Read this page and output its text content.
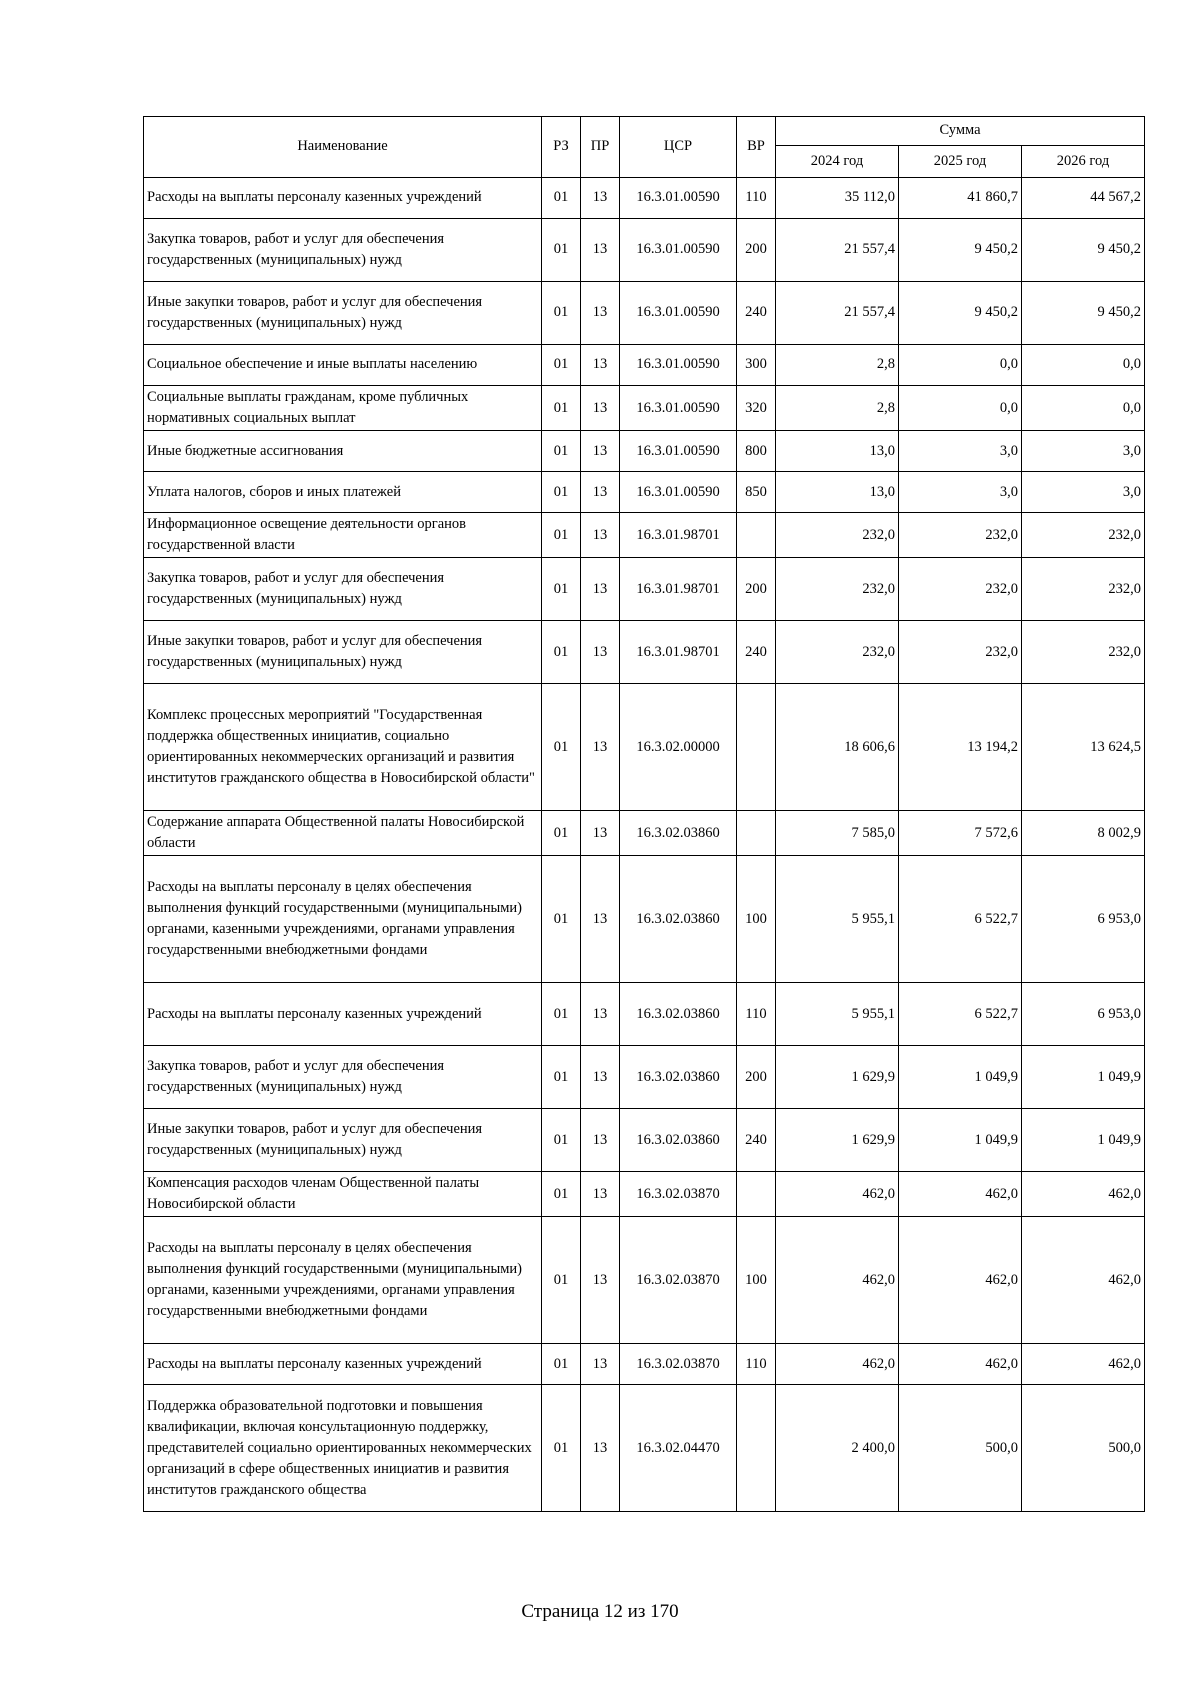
Наименование	РЗ	ПР	ЦСР	ВР	Сумма		
					2024 год	2025 год	2026 год
Расходы на выплаты персоналу казенных учреждений	01	13	16.3.01.00590	110	35 112,0	41 860,7	44 567,2
Закупка товаров, работ и услуг для обеспечения государственных (муниципальных) нужд	01	13	16.3.01.00590	200	21 557,4	9 450,2	9 450,2
Иные закупки товаров, работ и услуг для обеспечения государственных (муниципальных) нужд	01	13	16.3.01.00590	240	21 557,4	9 450,2	9 450,2
Социальное обеспечение и иные выплаты населению	01	13	16.3.01.00590	300	2,8	0,0	0,0
Социальные выплаты гражданам, кроме публичных нормативных социальных выплат	01	13	16.3.01.00590	320	2,8	0,0	0,0
Иные бюджетные ассигнования	01	13	16.3.01.00590	800	13,0	3,0	3,0
Уплата налогов, сборов и иных платежей	01	13	16.3.01.00590	850	13,0	3,0	3,0
Информационное освещение деятельности органов государственной власти	01	13	16.3.01.98701		232,0	232,0	232,0
Закупка товаров, работ и услуг для обеспечения государственных (муниципальных) нужд	01	13	16.3.01.98701	200	232,0	232,0	232,0
Иные закупки товаров, работ и услуг для обеспечения государственных (муниципальных) нужд	01	13	16.3.01.98701	240	232,0	232,0	232,0
Комплекс процессных мероприятий "Государственная поддержка общественных инициатив, социально ориентированных некоммерческих организаций и развития институтов гражданского общества в Новосибирской области"	01	13	16.3.02.00000		18 606,6	13 194,2	13 624,5
Содержание аппарата Общественной палаты Новосибирской области	01	13	16.3.02.03860		7 585,0	7 572,6	8 002,9
Расходы на выплаты персоналу в целях обеспечения выполнения функций государственными (муниципальными) органами, казенными учреждениями, органами управления государственными внебюджетными фондами	01	13	16.3.02.03860	100	5 955,1	6 522,7	6 953,0
Расходы на выплаты персоналу казенных учреждений	01	13	16.3.02.03860	110	5 955,1	6 522,7	6 953,0
Закупка товаров, работ и услуг для обеспечения государственных (муниципальных) нужд	01	13	16.3.02.03860	200	1 629,9	1 049,9	1 049,9
Иные закупки товаров, работ и услуг для обеспечения государственных (муниципальных) нужд	01	13	16.3.02.03860	240	1 629,9	1 049,9	1 049,9
Компенсация расходов членам Общественной палаты Новосибирской области	01	13	16.3.02.03870		462,0	462,0	462,0
Расходы на выплаты персоналу в целях обеспечения выполнения функций государственными (муниципальными) органами, казенными учреждениями, органами управления государственными внебюджетными фондами	01	13	16.3.02.03870	100	462,0	462,0	462,0
Расходы на выплаты персоналу казенных учреждений	01	13	16.3.02.03870	110	462,0	462,0	462,0
Поддержка образовательной подготовки и повышения квалификации, включая консультационную поддержку, представителей социально ориентированных некоммерческих организаций в сфере общественных инициатив и развития институтов гражданского общества	01	13	16.3.02.04470		2 400,0	500,0	500,0
Страница 12 из 170
